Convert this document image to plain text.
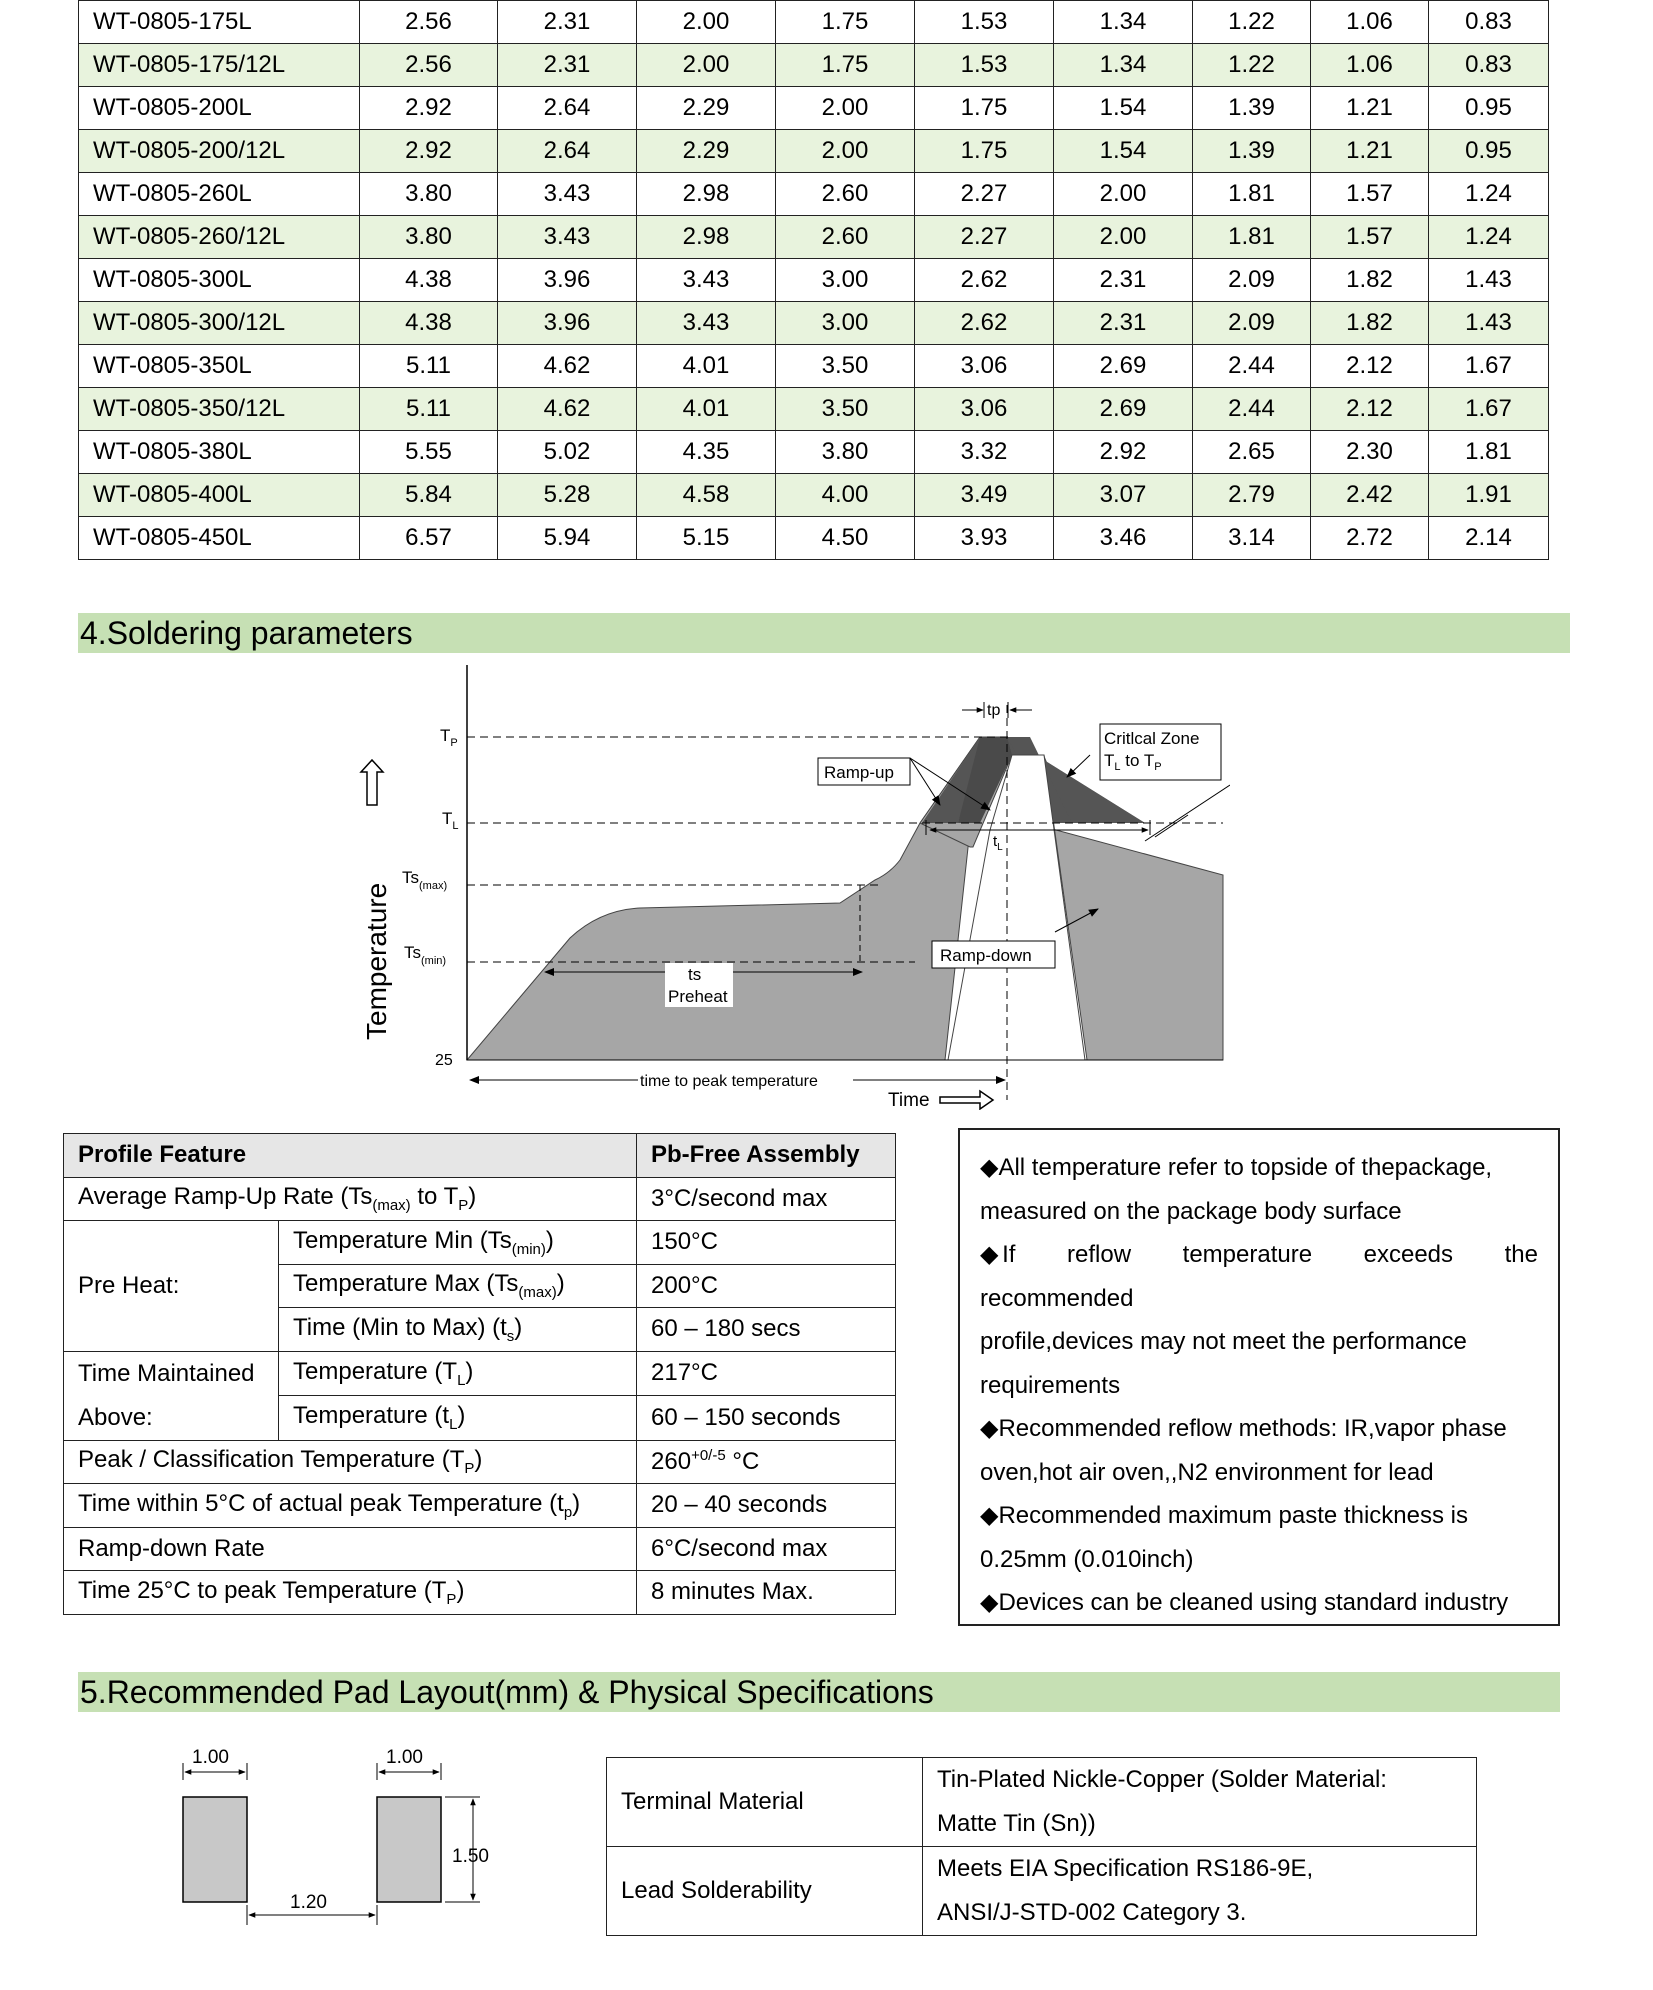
WT-0805-175L	2.56	2.31	2.00	1.75	1.53	1.34	1.22	1.06	0.83
WT-0805-175/12L	2.56	2.31	2.00	1.75	1.53	1.34	1.22	1.06	0.83
WT-0805-200L	2.92	2.64	2.29	2.00	1.75	1.54	1.39	1.21	0.95
WT-0805-200/12L	2.92	2.64	2.29	2.00	1.75	1.54	1.39	1.21	0.95
WT-0805-260L	3.80	3.43	2.98	2.60	2.27	2.00	1.81	1.57	1.24
WT-0805-260/12L	3.80	3.43	2.98	2.60	2.27	2.00	1.81	1.57	1.24
WT-0805-300L	4.38	3.96	3.43	3.00	2.62	2.31	2.09	1.82	1.43
WT-0805-300/12L	4.38	3.96	3.43	3.00	2.62	2.31	2.09	1.82	1.43
WT-0805-350L	5.11	4.62	4.01	3.50	3.06	2.69	2.44	2.12	1.67
WT-0805-350/12L	5.11	4.62	4.01	3.50	3.06	2.69	2.44	2.12	1.67
WT-0805-380L	5.55	5.02	4.35	3.80	3.32	2.92	2.65	2.30	1.81
WT-0805-400L	5.84	5.28	4.58	4.00	3.49	3.07	2.79	2.42	1.91
WT-0805-450L	6.57	5.94	5.15	4.50	3.93	3.46	3.14	2.72	2.14
4.Soldering parameters
$T_P$
$T_L$
$Ts_{(max)}$
$Ts_{(min)}$
25
Temperature
tp
Ramp-up
Critlcal Zone
$T_L$ to $T_P$
$t_L$
Ramp-down
ts
Preheat
time to peak temperature
Time
Profile Feature		Pb-Free Assembly
Average Ramp-Up Rate ($Ts_{(max)}$ to $T_P$)		3°C/second max
Pre Heat:	Temperature Min $(Ts_{(min)})$	150°C
	Temperature Max $(Ts_{(max)})$	200°C
	Time (Min to Max) $(t_s)$	60 – 180 secs

Time Maintained
Above:	Temperature $(T_L)$	217°C
	Temperature $(t_L)$	60 – 150 seconds
Peak / Classification Temperature $(T_P)$		$260^{+0/-5}$ °C
Time within 5°C of actual peak Temperature $(t_p)$		20 – 40 seconds
Ramp-down Rate		6°C/second max
Time 25°C to peak Temperature $(T_P)$		8 minutes Max.
◆All temperature refer to topside of thepackage,
measured on the package body surface
◆If     reflow     temperature     exceeds     the
recommended
profile,devices may not meet the performance
requirements
◆Recommended reflow methods: IR,vapor phase
oven,hot air oven,,N2 environment for lead
◆Recommended maximum paste thickness is
0.25mm (0.010inch)
◆Devices can be cleaned using standard industry
5.Recommended Pad Layout(mm) & Physical Specifications
1.00	1.00
1.50
1.20
Terminal Material	Tin-Plated Nickle-Copper (Solder Material:
Matte Tin (Sn))

Lead Solderability	Meets EIA Specification RS186-9E,
ANSI/J-STD-002 Category 3.
